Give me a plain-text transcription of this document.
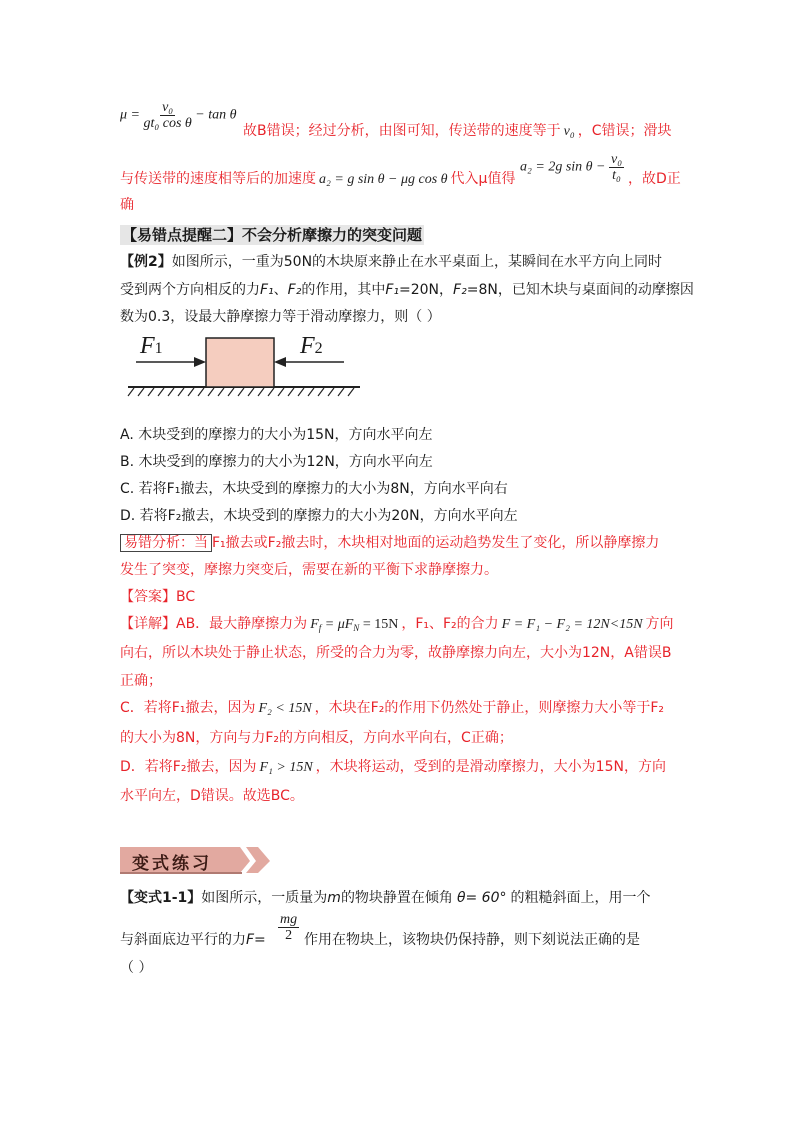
$\mu = \frac{\text{v₀}}{\text{gt₀ cos θ}} - \tan \theta$
故B错误；经过分析，由图可知，传送带的速度等于 v₀ ，C错误；滑块
与传送带的速度相等后的加速度 a₂ = g sin θ − μg cos θ 代入μ值得
a₂ = 2g $\sin \theta - \frac{\text{v₀}}{\text{t₀}}$ ，故D正
确
【易错点提醒二】不会分析摩擦力的突变问题
【例2】如图所示，一重为50N的木块原来静止在水平桌面上，某瞬间在水平方向上同时
受到两个方向相反的力F₁、F₂的作用，其中F₁=20N，F₂=8N，已知木块与桌面间的动摩擦因
数为0.3，设最大静摩擦力等于滑动摩擦力，则（ ）
F1	F2
A. 木块受到的摩擦力的大小为15N，方向水平向左
B. 木块受到的摩擦力的大小为12N，方向水平向左
C. 若将F₁撤去，木块受到的摩擦力的大小为8N，方向水平向右
D. 若将F₂撤去，木块受到的摩擦力的大小为20N，方向水平向左
易错分析：当 F₁撤去或F₂撤去时，木块相对地面的运动趋势发生了变化，所以静摩擦力
发生了突变，摩擦力突变后，需要在新的平衡下求静摩擦力。
【答案】BC
【详解】AB．最大静摩擦力为 $F_f = \mu F_N = 15N$ ，F₁、F₂的合力 F = F₁ − F₂ = 12N<15N 方向
向右，所以木块处于静止状态，所受的合力为零，故静摩擦力向左，大小为12N，A错误B
正确；
C．若将F₁撤去，因为 F₂ < 15N ，木块在F₂的作用下仍然处于静止，则摩擦力大小等于F₂
的大小为8N，方向与力F₂的方向相反，方向水平向右，C正确；
D．若将F₂撤去，因为 F₁ > 15N ，木块将运动，受到的是滑动摩擦力，大小为15N，方向
水平向左，D错误。故选BC。
变式练习
【变式1-1】如图所示，一质量为m的物块静置在倾角 θ= 60° 的粗糙斜面上，用一个
与斜面底边平行的力$F= \frac{mg}{2}$ 作用在物块上，该物块仍保持静，则下刻说法正确的是
（ ）
